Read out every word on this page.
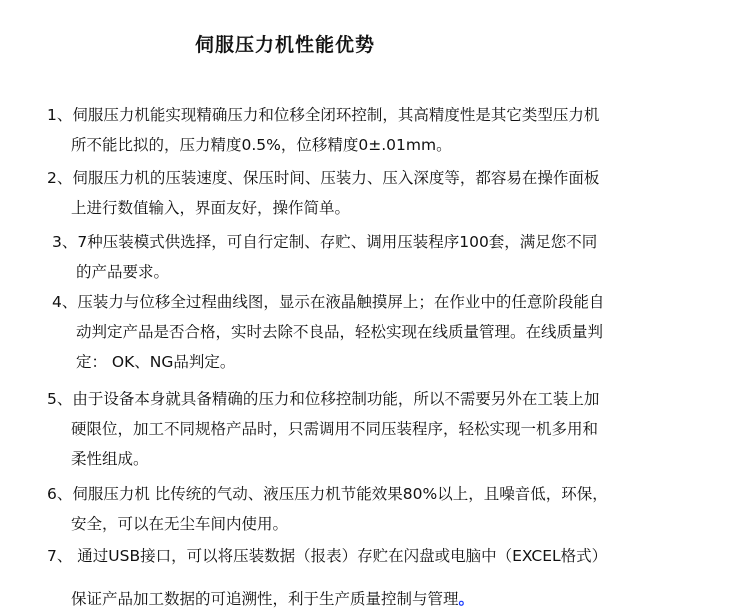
伺服压力机性能优势
1、伺服压力机能实现精确压力和位移全闭环控制，其高精度性是其它类型压力机
所不能比拟的，压力精度0.5%，位移精度0±.01mm。
2、伺服压力机的压装速度、保压时间、压装力、压入深度等，都容易在操作面板
上进行数值输入，界面友好，操作简单。
3、7种压装模式供选择，可自行定制、存贮、调用压装程序100套，满足您不同
的产品要求。
4、压装力与位移全过程曲线图，显示在液晶触摸屏上；在作业中的任意阶段能自
动判定产品是否合格，实时去除不良品，轻松实现在线质量管理。在线质量判
定： OK、NG品判定。
5、由于设备本身就具备精确的压力和位移控制功能，所以不需要另外在工装上加
硬限位，加工不同规格产品时，只需调用不同压装程序，轻松实现一机多用和
柔性组成。
6、伺服压力机 比传统的气动、液压压力机节能效果80%以上，且噪音低，环保，
安全，可以在无尘车间内使用。
7、 通过USB接口，可以将压装数据（报表）存贮在闪盘或电脑中（EXCEL格式）
保证产品加工数据的可追溯性，利于生产质量控制与管理。
